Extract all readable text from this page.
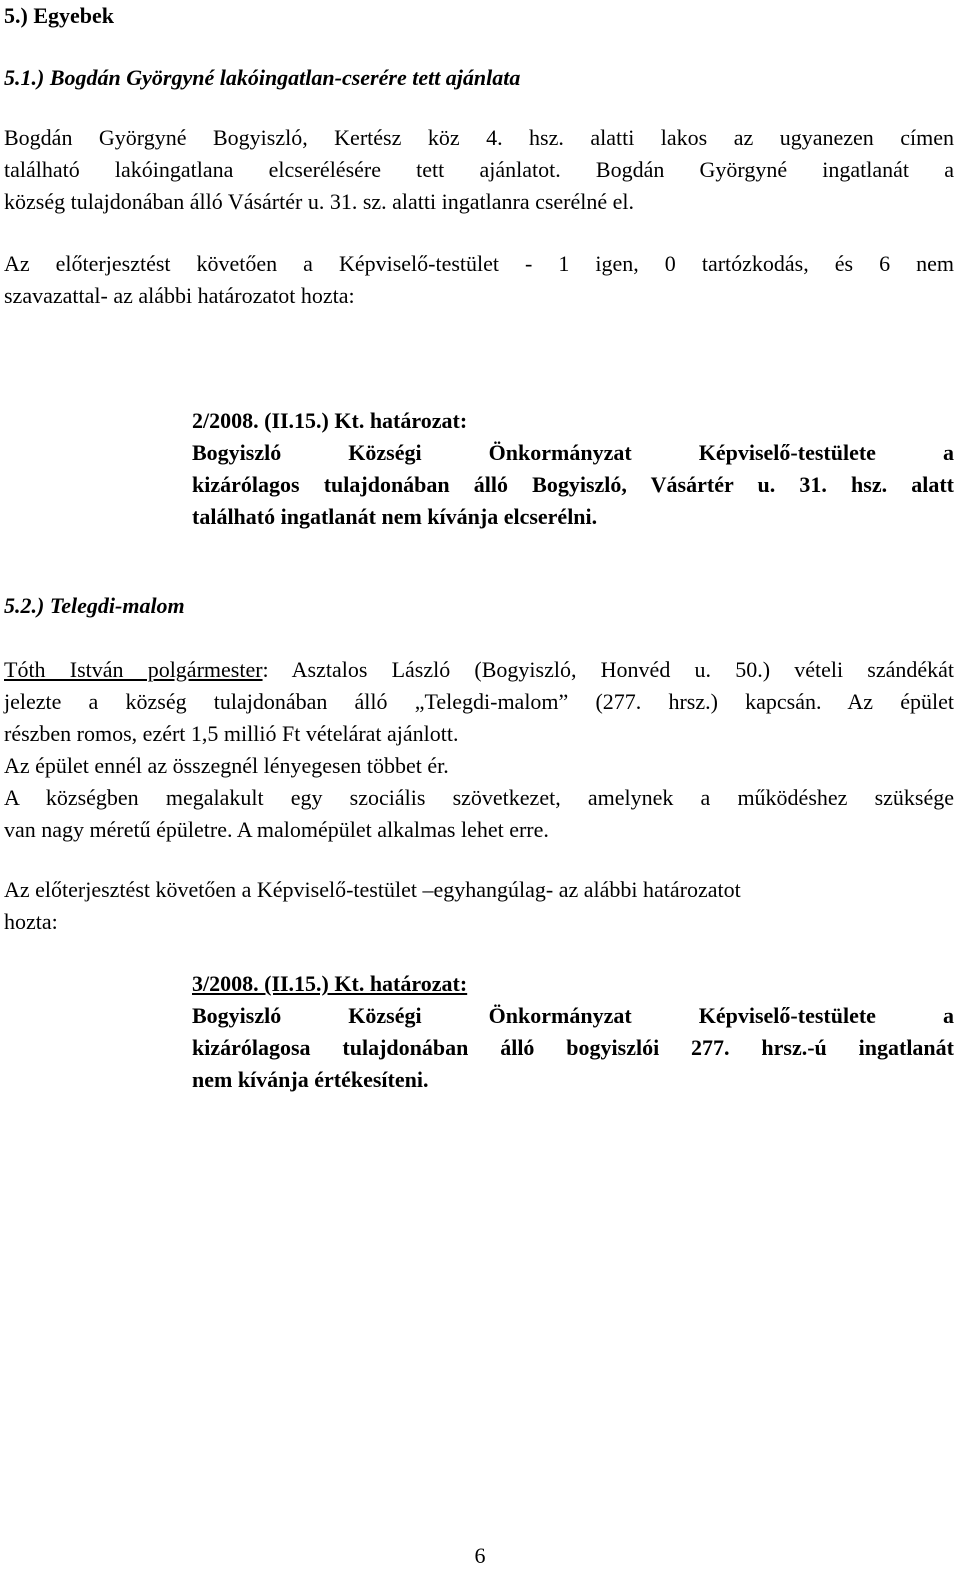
5.) Egyebek
5.1.) Bogdán Györgyné lakóingatlan-cserére tett ajánlata
Bogdán Györgyné Bogyiszló, Kertész köz 4. hsz. alatti lakos az ugyanezen címen
található lakóingatlana elcserélésére tett ajánlatot. Bogdán Györgyné ingatlanát a
község tulajdonában álló Vásártér u. 31. sz. alatti ingatlanra cserélné el.
Az előterjesztést követően a Képviselő-testület - 1 igen, 0 tartózkodás, és 6 nem
szavazattal- az alábbi határozatot hozta:
2/2008. (II.15.) Kt. határozat:
Bogyiszló Községi Önkormányzat Képviselő-testülete a
kizárólagos tulajdonában álló Bogyiszló, Vásártér u. 31. hsz. alatt
található ingatlanát nem kívánja elcserélni.
5.2.) Telegdi-malom
Tóth István polgármester: Asztalos László (Bogyiszló, Honvéd u. 50.) vételi szándékát
jelezte a község tulajdonában álló „Telegdi-malom” (277. hrsz.) kapcsán. Az épület
részben romos, ezért 1,5 millió Ft vételárat ajánlott.
Az épület ennél az összegnél lényegesen többet ér.
A községben megalakult egy szociális szövetkezet, amelynek a működéshez szüksége
van nagy méretű épületre. A malomépület alkalmas lehet erre.
Az előterjesztést követően a Képviselő-testület –egyhangúlag- az alábbi határozatot
hozta:
3/2008. (II.15.) Kt. határozat:
Bogyiszló Községi Önkormányzat Képviselő-testülete a
kizárólagosa tulajdonában álló bogyiszlói 277. hrsz.-ú ingatlanát
nem kívánja értékesíteni.
6
